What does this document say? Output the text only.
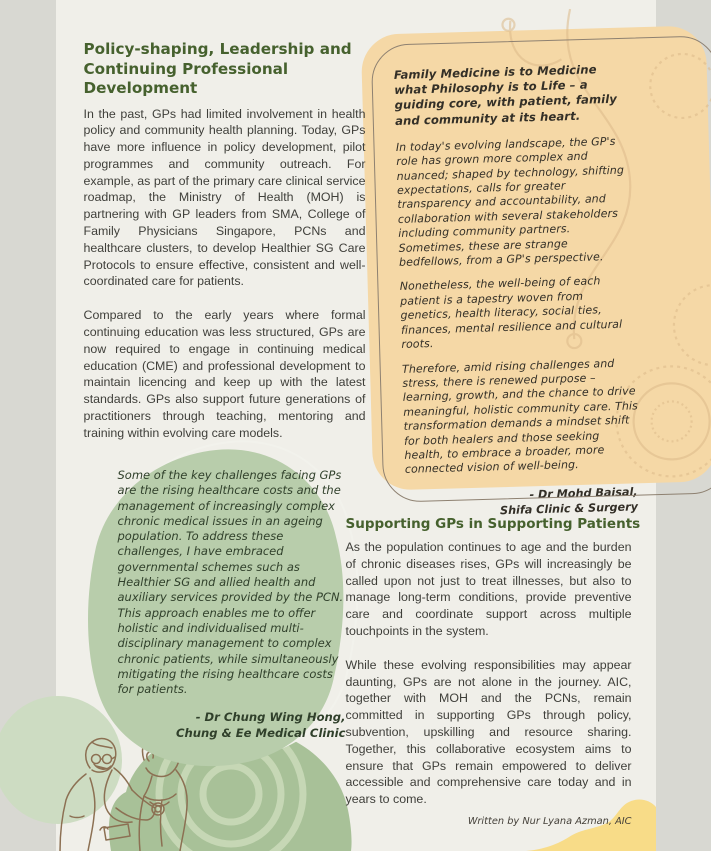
Family Medicine is to Medicine what Philosophy is to Life – a guiding core, with patient, family and community at its heart.

In today's evolving landscape, the GP's role has grown more complex and nuanced; shaped by technology, shifting expectations, calls for greater transparency and accountability, and collaboration with several stakeholders including community partners. Sometimes, these are strange bedfellows, from a GP's perspective.

Nonetheless, the well-being of each patient is a tapestry woven from genetics, health literacy, social ties, finances, mental resilience and cultural roots.

Therefore, amid rising challenges and stress, there is renewed purpose – learning, growth, and the chance to drive meaningful, holistic community care. This transformation demands a mindset shift for both healers and those seeking health, to embrace a broader, more connected vision of well-being.

- Dr Mohd Baisal,
Shifa Clinic & Surgery
Policy-shaping, Leadership and Continuing Professional Development

In the past, GPs had limited involvement in health policy and community health planning. Today, GPs have more influence in policy development, pilot programmes and community outreach. For example, as part of the primary care clinical service roadmap, the Ministry of Health (MOH) is partnering with GP leaders from SMA, College of Family Physicians Singapore, PCNs and healthcare clusters, to develop Healthier SG Care Protocols to ensure effective, consistent and well-coordinated care for patients.

Compared to the early years where formal continuing education was less structured, GPs are now required to engage in continuing medical education (CME) and professional development to maintain licencing and keep up with the latest standards. GPs also support future generations of practitioners through teaching, mentoring and training within evolving care models.

Some of the key challenges facing GPs are the rising healthcare costs and the management of increasingly complex chronic medical issues in an ageing population. To address these challenges, I have embraced governmental schemes such as Healthier SG and allied health and auxiliary services provided by the PCN. This approach enables me to offer holistic and individualised multi-disciplinary management to complex chronic patients, while simultaneously mitigating the rising healthcare costs for patients.
- Dr Chung Wing Hong,
Chung & Ee Medical Clinic
Supporting GPs in Supporting Patients

As the population continues to age and the burden of chronic diseases rises, GPs will increasingly be called upon not just to treat illnesses, but also to manage long-term conditions, provide preventive care and coordinate support across multiple touchpoints in the system.

While these evolving responsibilities may appear daunting, GPs are not alone in the journey. AIC, together with MOH and the PCNs, remain committed in supporting GPs through policy, subvention, upskilling and resource sharing. Together, this collaborative ecosystem aims to ensure that GPs remain empowered to deliver accessible and comprehensive care today and in years to come.

Written by Nur Lyana Azman, AIC
